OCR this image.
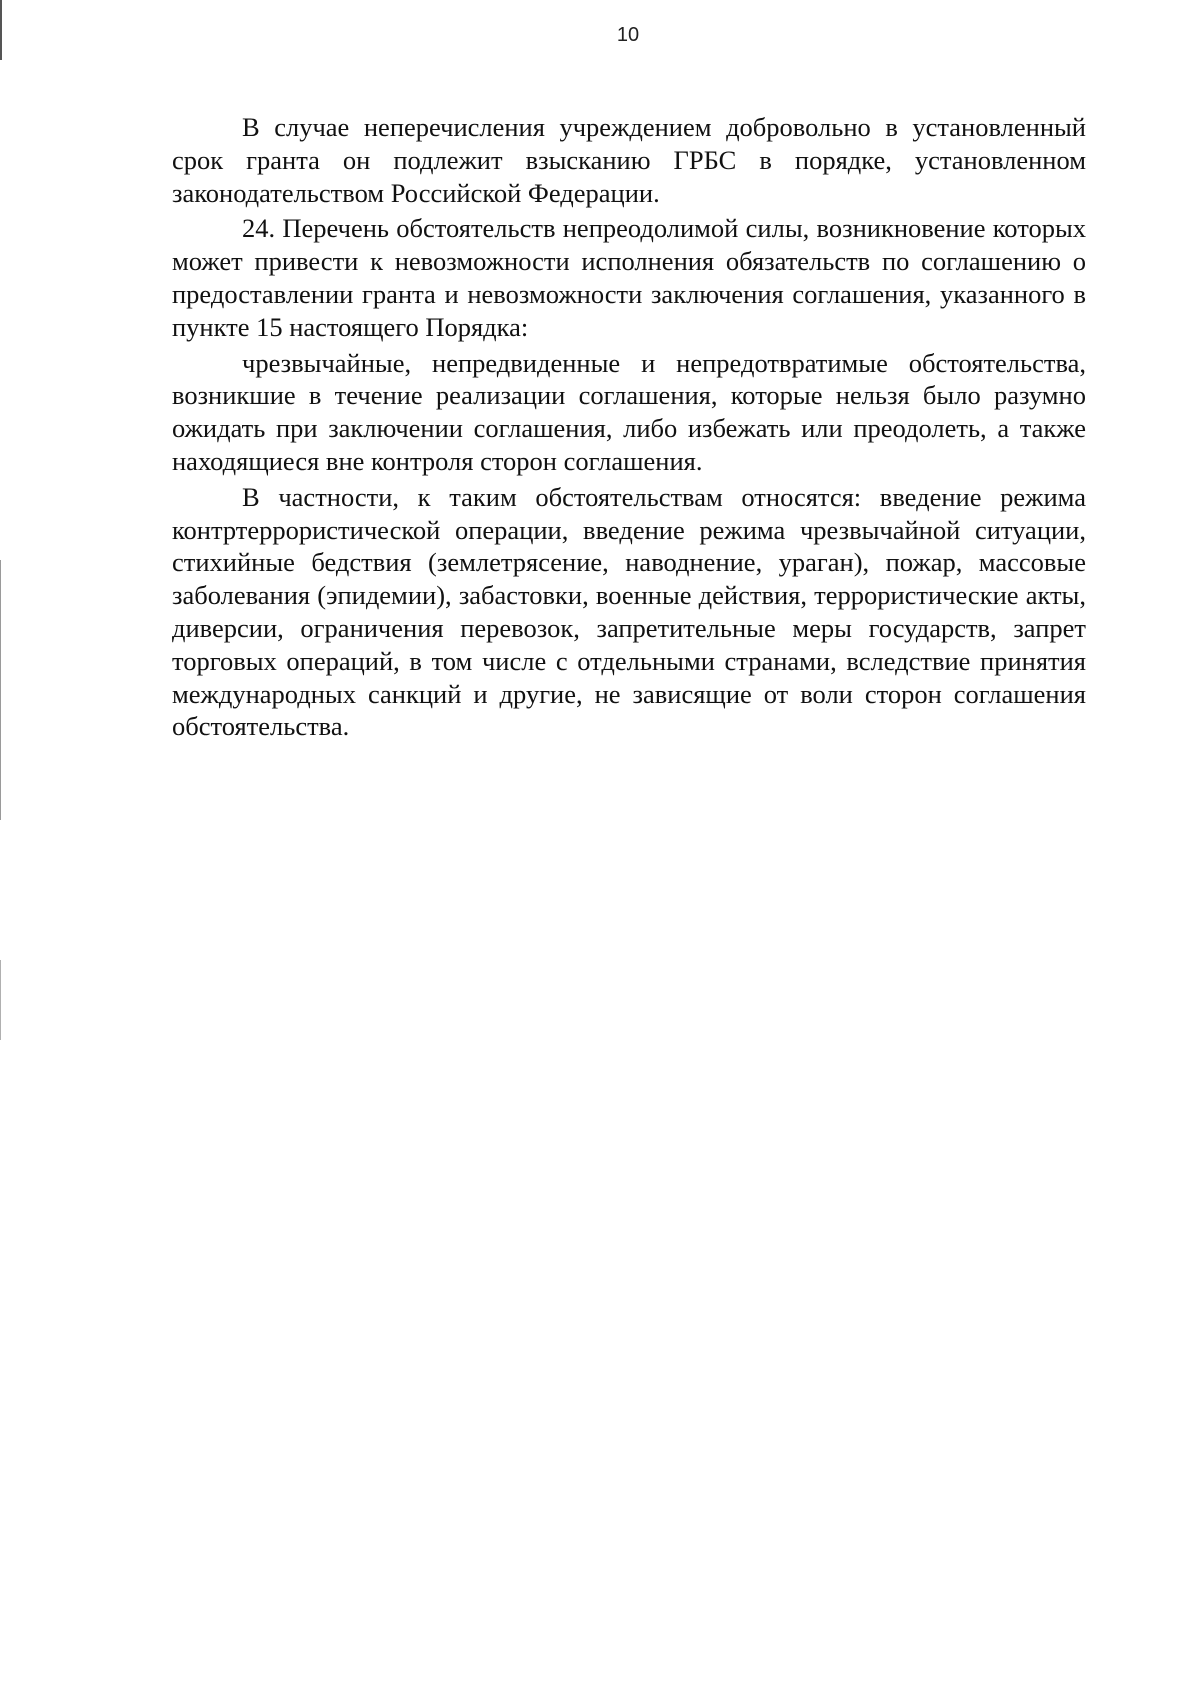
10

В случае неперечисления учреждением добровольно в установленный срок гранта он подлежит взысканию ГРБС в порядке, установленном законодательством Российской Федерации.

24. Перечень обстоятельств непреодолимой силы, возникновение которых может привести к невозможности исполнения обязательств по соглашению о предоставлении гранта и невозможности заключения соглашения, указанного в пункте 15 настоящего Порядка:

чрезвычайные, непредвиденные и непредотвратимые обстоятельства, возникшие в течение реализации соглашения, которые нельзя было разумно ожидать при заключении соглашения, либо избежать или преодолеть, а также находящиеся вне контроля сторон соглашения.

В частности, к таким обстоятельствам относятся: введение режима контртеррористической операции, введение режима чрезвычайной ситуации, стихийные бедствия (землетрясение, наводнение, ураган), пожар, массовые заболевания (эпидемии), забастовки, военные действия, террористические акты, диверсии, ограничения перевозок, запретительные меры государств, запрет торговых операций, в том числе с отдельными странами, вследствие принятия международных санкций и другие, не зависящие от воли сторон соглашения обстоятельства.
